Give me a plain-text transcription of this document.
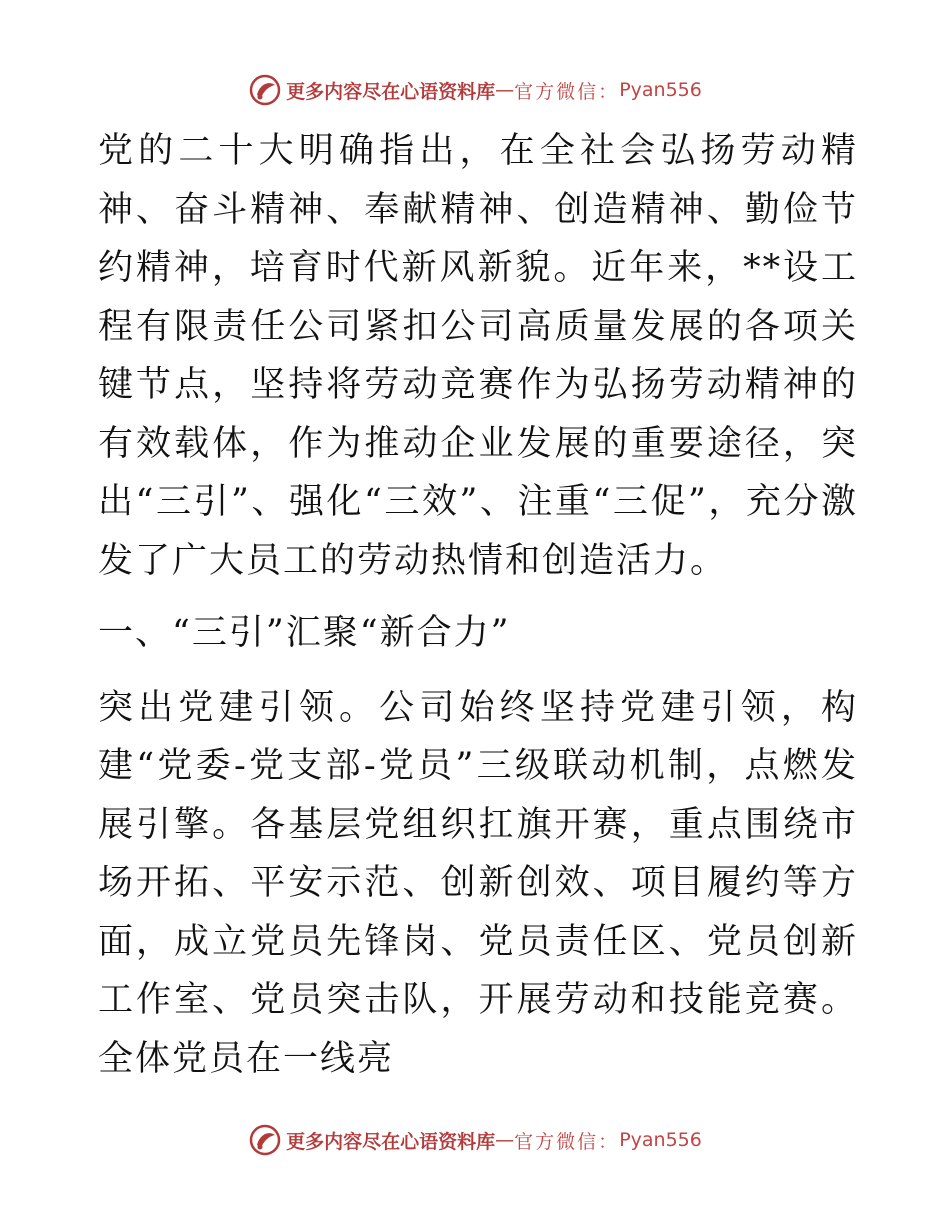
更多内容尽在心语资料库 — 官方微信： Pyan556

党的二十大明确指出，在全社会弘扬劳动精神、奋斗精神、奉献精神、创造精神、勤俭节约精神，培育时代新风新貌。近年来，**设工程有限责任公司紧扣公司高质量发展的各项关键节点，坚持将劳动竞赛作为弘扬劳动精神的有效载体，作为推动企业发展的重要途径，突出“三引”、强化“三效”、注重“三促”，充分激发了广大员工的劳动热情和创造活力。

一、“三引”汇聚“新合力”

突出党建引领。公司始终坚持党建引领，构建“党委-党支部-党员”三级联动机制，点燃发展引擎。各基层党组织扛旗开赛，重点围绕市场开拓、平安示范、创新创效、项目履约等方面，成立党员先锋岗、党员责任区、党员创新工作室、党员突击队，开展劳动和技能竞赛。全体党员在一线亮

更多内容尽在心语资料库 — 官方微信： Pyan556
